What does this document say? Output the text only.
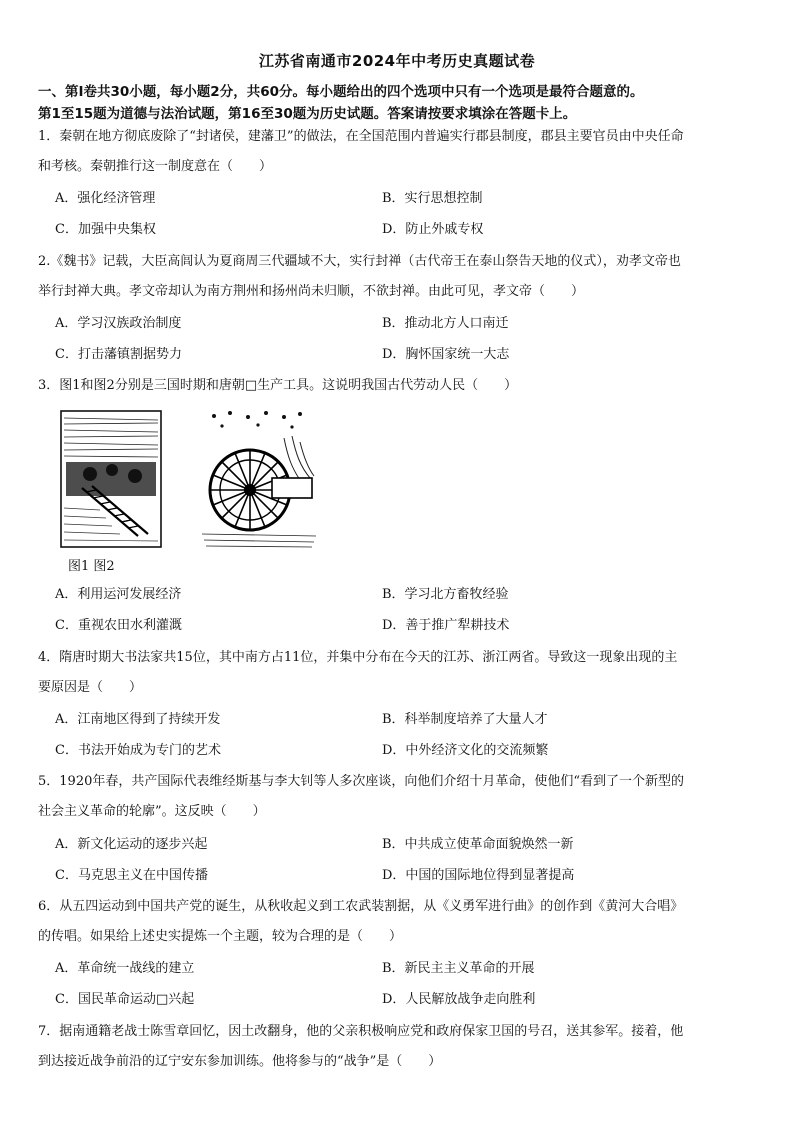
江苏省南通市2024年中考历史真题试卷
一、第Ⅰ卷共30小题，每小题2分，共60分。每小题给出的四个选项中只有一个选项是最符合题意的。
第1至15题为道德与法治试题，第16至30题为历史试题。答案请按要求填涂在答题卡上。
1．秦朝在地方彻底废除了“封诸侯，建藩卫”的做法，在全国范围内普遍实行郡县制度，郡县主要官员由中央任命
和考核。秦朝推行这一制度意在（　　）
A．强化经济管理	B．实行思想控制
C．加强中央集权	D．防止外戚专权
2.《魏书》记载，大臣高闾认为夏商周三代疆域不大，实行封禅（古代帝王在泰山祭告天地的仪式），劝孝文帝也
举行封禅大典。孝文帝却认为南方荆州和扬州尚未归顺，不欲封禅。由此可见，孝文帝（　　）
A．学习汉族政治制度	B．推动北方人口南迁
C．打击藩镇割据势力	D．胸怀国家统一大志
3．图1和图2分别是三国时期和唐朝□生产工具。这说明我国古代劳动人民（　　）
图1 图2
A．利用运河发展经济	B．学习北方畜牧经验
C．重视农田水利灌溉	D．善于推广犁耕技术
4．隋唐时期大书法家共15位，其中南方占11位，并集中分布在今天的江苏、浙江两省。导致这一现象出现的主
要原因是（　　）
A．江南地区得到了持续开发	B．科举制度培养了大量人才
C．书法开始成为专门的艺术	D．中外经济文化的交流频繁
5．1920年春，共产国际代表维经斯基与李大钊等人多次座谈，向他们介绍十月革命，使他们“看到了一个新型的
社会主义革命的轮廓”。这反映（　　）
A．新文化运动的逐步兴起	B．中共成立使革命面貌焕然一新
C．马克思主义在中国传播	D．中国的国际地位得到显著提高
6．从五四运动到中国共产党的诞生，从秋收起义到工农武装割据，从《义勇军进行曲》的创作到《黄河大合唱》
的传唱。如果给上述史实提炼一个主题，较为合理的是（　　）
A．革命统一战线的建立	B．新民主主义革命的开展
C．国民革命运动□兴起	D．人民解放战争走向胜利
7．据南通籍老战士陈雪章回忆，因土改翻身，他的父亲积极响应党和政府保家卫国的号召，送其参军。接着，他
到达接近战争前沿的辽宁安东参加训练。他将参与的“战争”是（　　）
